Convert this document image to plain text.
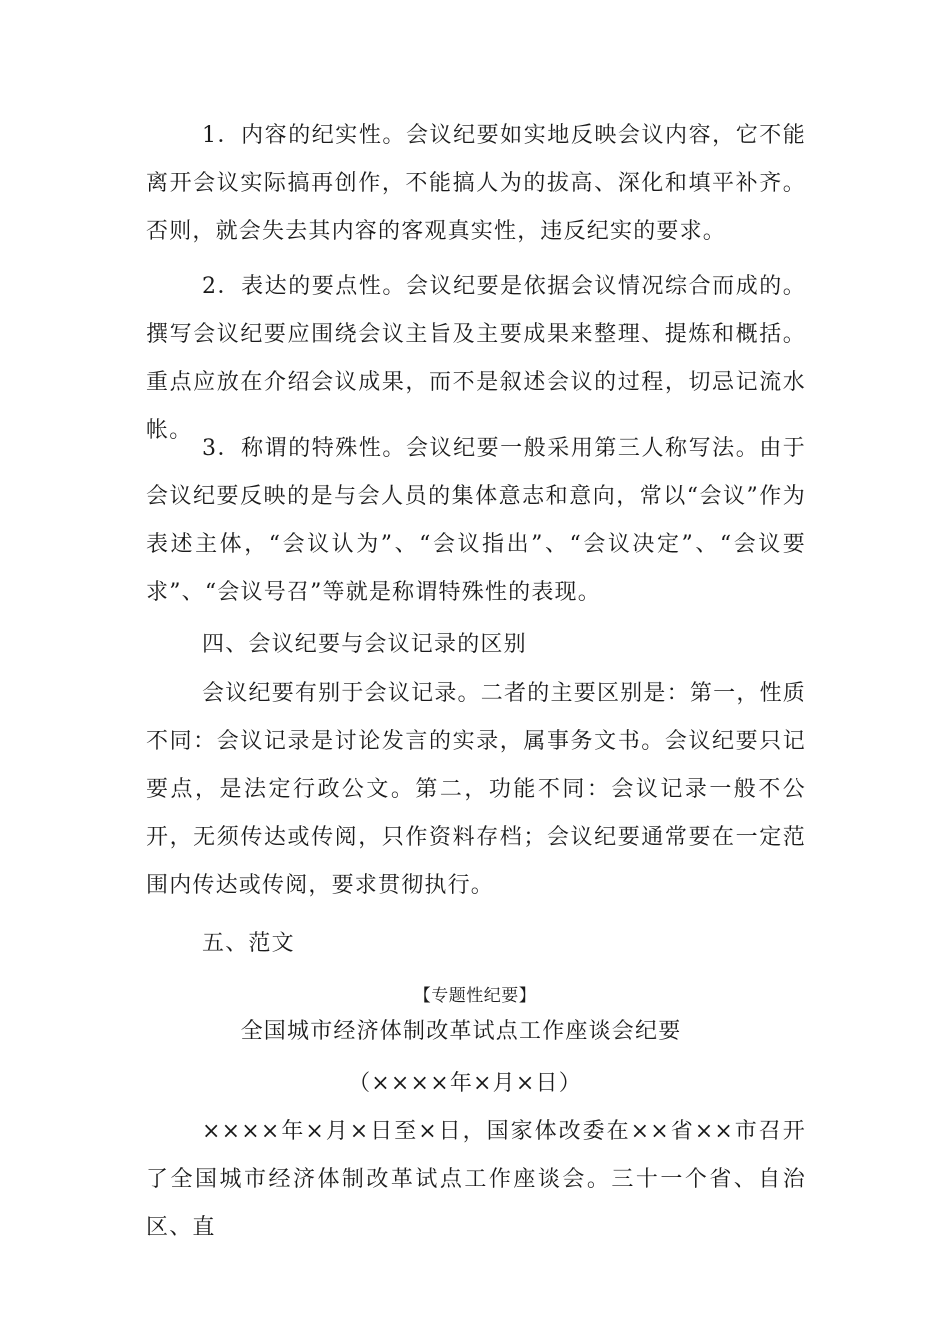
1．内容的纪实性。会议纪要如实地反映会议内容，它不能离开会议实际搞再创作，不能搞人为的拔高、深化和填平补齐。否则，就会失去其内容的客观真实性，违反纪实的要求。

2．表达的要点性。会议纪要是依据会议情况综合而成的。撰写会议纪要应围绕会议主旨及主要成果来整理、提炼和概括。重点应放在介绍会议成果，而不是叙述会议的过程，切忌记流水帐。

3．称谓的特殊性。会议纪要一般采用第三人称写法。由于会议纪要反映的是与会人员的集体意志和意向，常以“会议”作为表述主体，“会议认为”、“会议指出”、“会议决定”、“会议要求”、“会议号召”等就是称谓特殊性的表现。

四、会议纪要与会议记录的区别

会议纪要有别于会议记录。二者的主要区别是：第一，性质不同：会议记录是讨论发言的实录，属事务文书。会议纪要只记要点，是法定行政公文。第二，功能不同：会议记录一般不公开，无须传达或传阅，只作资料存档；会议纪要通常要在一定范围内传达或传阅，要求贯彻执行。

五、范文

【专题性纪要】

全国城市经济体制改革试点工作座谈会纪要

（××××年×月×日）

××××年×月×日至×日，国家体改委在××省××市召开了全国城市经济体制改革试点工作座谈会。三十一个省、自治区、直
